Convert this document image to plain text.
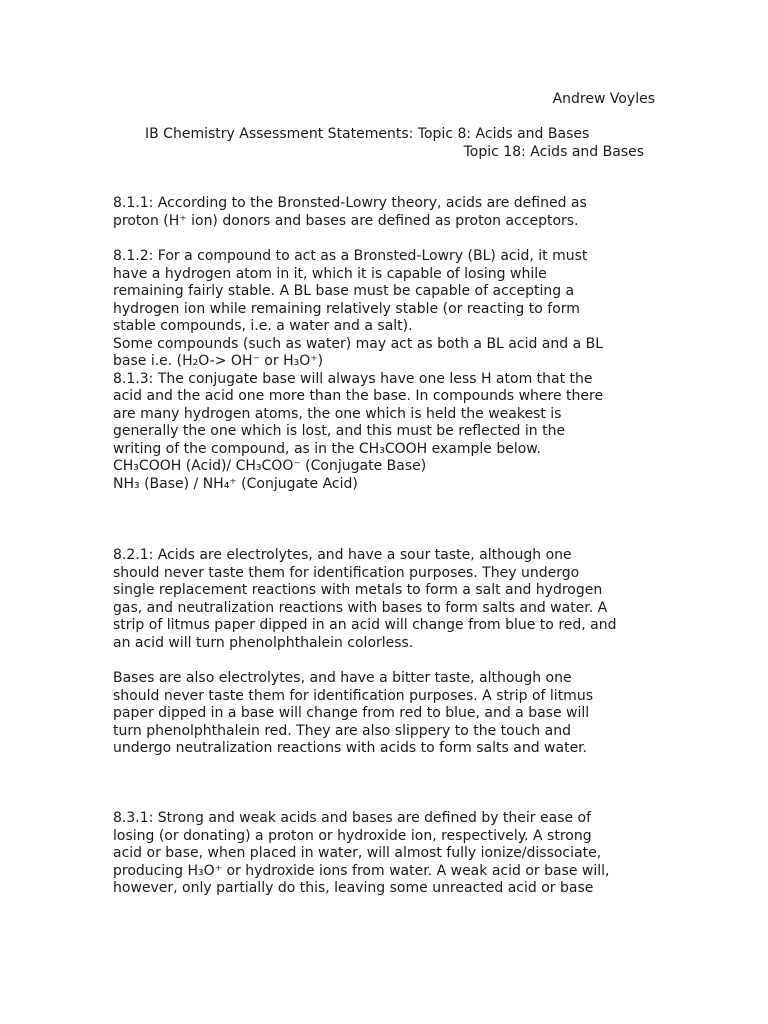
Andrew Voyles
IB Chemistry Assessment Statements: Topic 8: Acids and Bases
Topic 18: Acids and Bases
8.1.1: According to the Bronsted-Lowry theory, acids are defined as
proton (H⁺ ion) donors and bases are defined as proton acceptors.
8.1.2: For a compound to act as a Bronsted-Lowry (BL) acid, it must
have a hydrogen atom in it, which it is capable of losing while
remaining fairly stable. A BL base must be capable of accepting a
hydrogen ion while remaining relatively stable (or reacting to form
stable compounds, i.e. a water and a salt).
Some compounds (such as water) may act as both a BL acid and a BL
base i.e. (H₂O-> OH⁻ or H₃O⁺)
8.1.3: The conjugate base will always have one less H atom that the
acid and the acid one more than the base. In compounds where there
are many hydrogen atoms, the one which is held the weakest is
generally the one which is lost, and this must be reflected in the
writing of the compound, as in the CH₃COOH example below.
CH₃COOH (Acid)/ CH₃COO⁻ (Conjugate Base)
NH₃ (Base) / NH₄⁺ (Conjugate Acid)
8.2.1: Acids are electrolytes, and have a sour taste, although one
should never taste them for identification purposes. They undergo
single replacement reactions with metals to form a salt and hydrogen
gas, and neutralization reactions with bases to form salts and water. A
strip of litmus paper dipped in an acid will change from blue to red, and
an acid will turn phenolphthalein colorless.
Bases are also electrolytes, and have a bitter taste, although one
should never taste them for identification purposes. A strip of litmus
paper dipped in a base will change from red to blue, and a base will
turn phenolphthalein red. They are also slippery to the touch and
undergo neutralization reactions with acids to form salts and water.
8.3.1: Strong and weak acids and bases are defined by their ease of
losing (or donating) a proton or hydroxide ion, respectively. A strong
acid or base, when placed in water, will almost fully ionize/dissociate,
producing H₃O⁺ or hydroxide ions from water. A weak acid or base will,
however, only partially do this, leaving some unreacted acid or base
